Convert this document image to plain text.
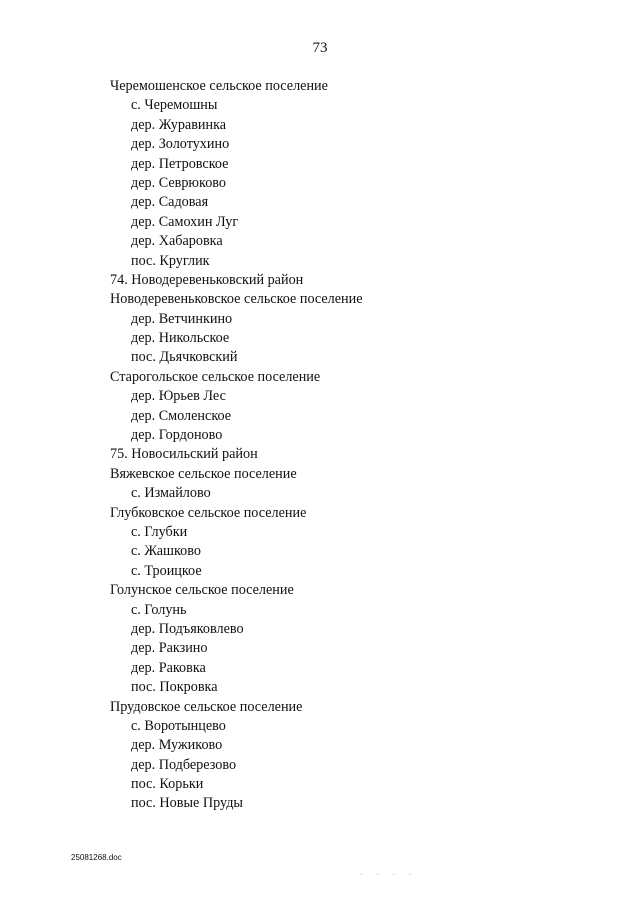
73
Черемошенское сельское поселение
с. Черемошны
дер. Журавинка
дер. Золотухино
дер. Петровское
дер. Севрюково
дер. Садовая
дер. Самохин Луг
дер. Хабаровка
пос. Круглик
74. Новодеревеньковский район
Новодеревеньковское сельское поселение
дер. Ветчинкино
дер. Никольское
пос. Дьячковский
Старогольское сельское поселение
дер. Юрьев Лес
дер. Смоленское
дер. Гордоново
75. Новосильский район
Вяжевское сельское поселение
с. Измайлово
Глубковское сельское поселение
с. Глубки
с. Жашково
с. Троицкое
Голунское сельское поселение
с. Голунь
дер. Подъяковлево
дер. Ракзино
дер. Раковка
пос. Покровка
Прудовское сельское поселение
с. Воротынцево
дер. Мужиково
дер. Подберезово
пос. Корьки
пос. Новые Пруды
25081268.doc
· · · ·
